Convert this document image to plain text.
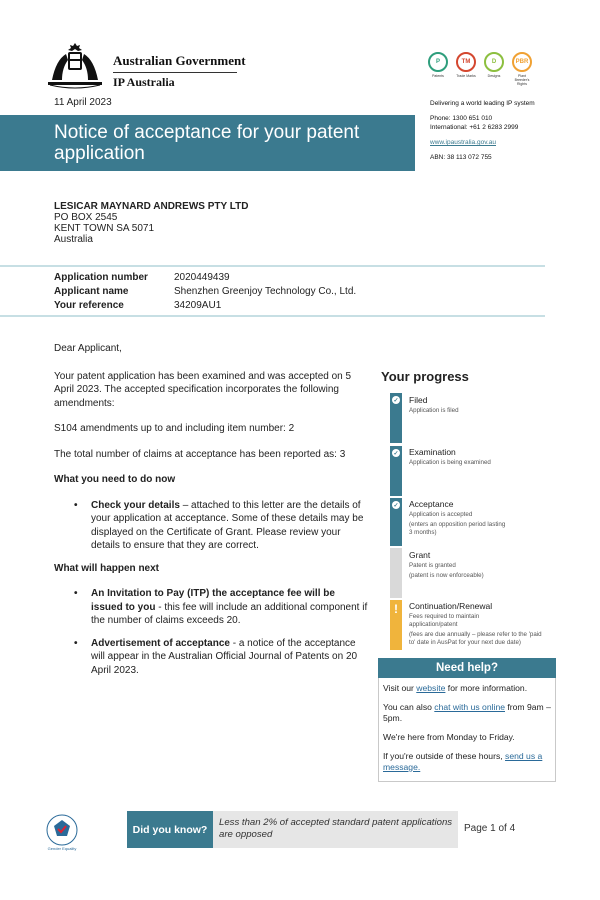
Australian Government
IP Australia
11 April 2023
Notice of acceptance for your patent application
P
Patents
TM
Trade Marks
D
Designs
PBR
Plant Breeder's Rights
Delivering a world leading IP system
Phone: 1300 651 010
International: +61 2 6283 2999
www.ipaustralia.gov.au
ABN: 38 113 072 755
LESICAR MAYNARD ANDREWS PTY LTD
PO BOX 2545
KENT TOWN SA 5071
Australia
Application number	2020449439
Applicant name	Shenzhen Greenjoy Technology Co., Ltd.
Your reference	34209AU1

Dear Applicant,

Your patent application has been examined and was accepted on 5 April 2023. The accepted specification incorporates the following amendments:

S104 amendments up to and including item number: 2

The total number of claims at acceptance has been reported as: 3

What you need to do now
• Check your details – attached to this letter are the details of your application at acceptance. Some of these details may be displayed on the Certificate of Grant. Please review your details to ensure that they are correct.
What will happen next
• An Invitation to Pay (ITP) the acceptance fee will be issued to you - this fee will include an additional component if the number of claims exceeds 20.
• Advertisement of acceptance - a notice of the acceptance will appear in the Australian Official Journal of Patents on 20 April 2023.
Your progress
✓ Filed
Application is filed
✓ Examination
Application is being examined
✓ Acceptance
Application is accepted
(enters an opposition period lasting 3 months)
Grant
Patent is granted
(patent is now enforceable)
!	Continuation/Renewal
Fees required to maintain application/patent
(fees are due annually – please refer to the 'paid to' date in AusPat for your next due date)
Need help?

Visit our website for more information.

You can also chat with us online from 9am – 5pm.

We're here from Monday to Friday.

If you're outside of these hours, send us a message.

Gender Equality
Did you know?
Less than 2% of accepted standard patent applications are opposed
Page 1 of 4
